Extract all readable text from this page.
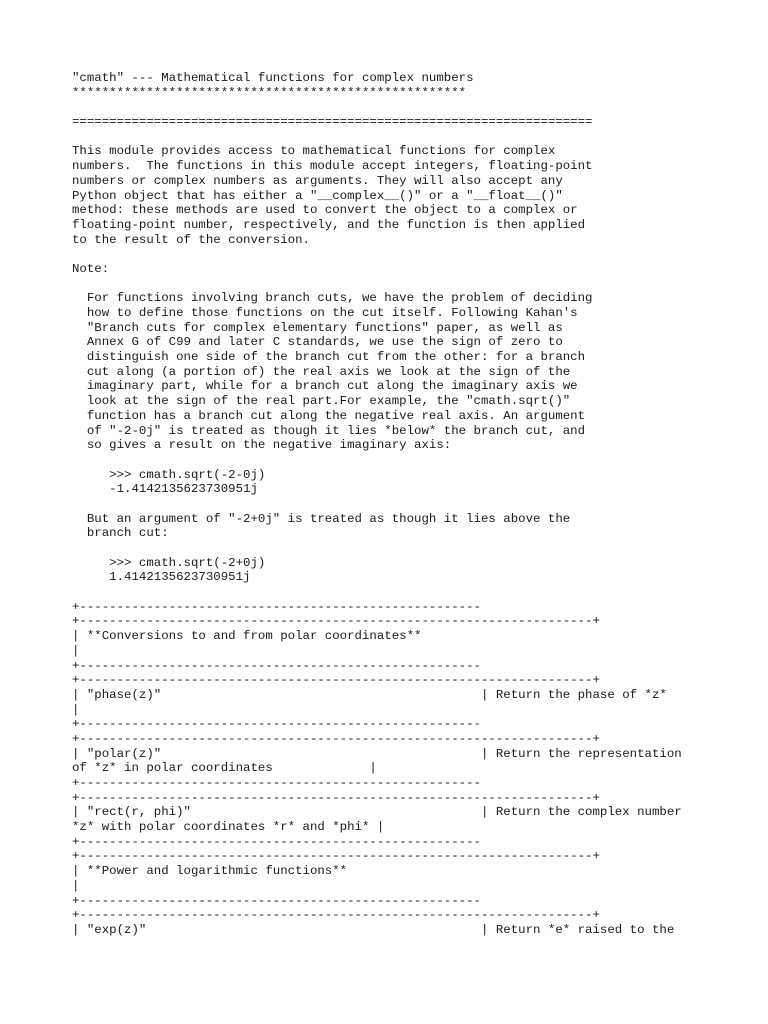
"cmath" --- Mathematical functions for complex numbers
*****************************************************
======================================================================
This module provides access to mathematical functions for complex
numbers.  The functions in this module accept integers, floating-point
numbers or complex numbers as arguments. They will also accept any
Python object that has either a "__complex__()" or a "__float__()"
method: these methods are used to convert the object to a complex or
floating-point number, respectively, and the function is then applied
to the result of the conversion.
Note:
For functions involving branch cuts, we have the problem of deciding
how to define those functions on the cut itself. Following Kahan's
"Branch cuts for complex elementary functions" paper, as well as
Annex G of C99 and later C standards, we use the sign of zero to
distinguish one side of the branch cut from the other: for a branch
cut along (a portion of) the real axis we look at the sign of the
imaginary part, while for a branch cut along the imaginary axis we
look at the sign of the real part.For example, the "cmath.sqrt()"
function has a branch cut along the negative real axis. An argument
of "-2-0j" is treated as though it lies *below* the branch cut, and
so gives a result on the negative imaginary axis:
>>> cmath.sqrt(-2-0j)
-1.4142135623730951j
But an argument of "-2+0j" is treated as though it lies above the
branch cut:
>>> cmath.sqrt(-2+0j)
1.4142135623730951j
+------------------------------------------------------
+---------------------------------------------------------------------+
| **Conversions to and from polar coordinates**
|
+------------------------------------------------------
+---------------------------------------------------------------------+
| "phase(z)"                                           | Return the phase of *z*
|
+------------------------------------------------------
+---------------------------------------------------------------------+
| "polar(z)"                                           | Return the representation
of *z* in polar coordinates             |
+------------------------------------------------------
+---------------------------------------------------------------------+
| "rect(r, phi)"                                       | Return the complex number
*z* with polar coordinates *r* and *phi* |
+------------------------------------------------------
+---------------------------------------------------------------------+
| **Power and logarithmic functions**
|
+------------------------------------------------------
+---------------------------------------------------------------------+
| "exp(z)"                                             | Return *e* raised to the
